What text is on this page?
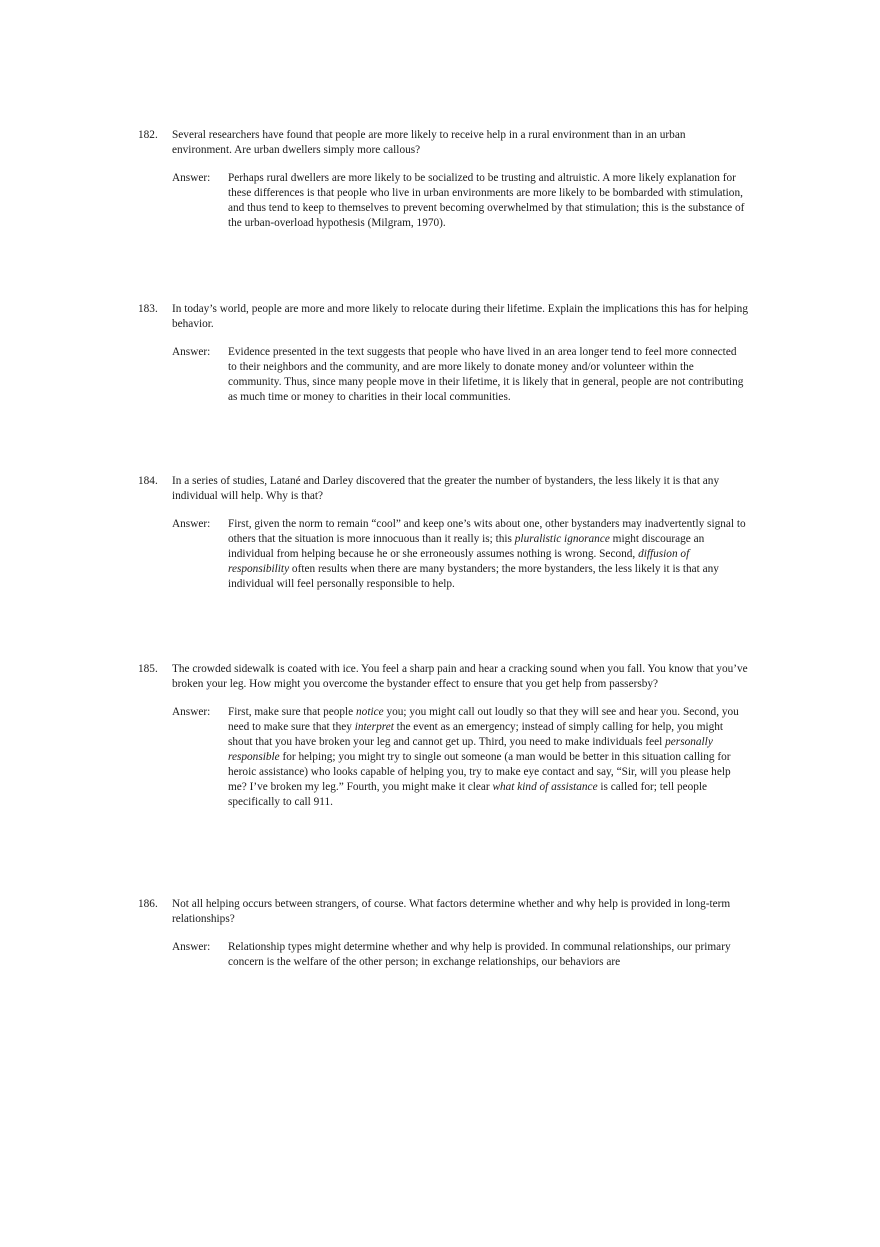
182.	Several researchers have found that people are more likely to receive help in a rural environment than in an urban environment. Are urban dwellers simply more callous?
Answer:	Perhaps rural dwellers are more likely to be socialized to be trusting and altruistic. A more likely explanation for these differences is that people who live in urban environments are more likely to be bombarded with stimulation, and thus tend to keep to themselves to prevent becoming overwhelmed by that stimulation; this is the substance of the urban-overload hypothesis (Milgram, 1970).
183.	In today’s world, people are more and more likely to relocate during their lifetime. Explain the implications this has for helping behavior.
Answer:	Evidence presented in the text suggests that people who have lived in an area longer tend to feel more connected to their neighbors and the community, and are more likely to donate money and/or volunteer within the community. Thus, since many people move in their lifetime, it is likely that in general, people are not contributing as much time or money to charities in their local communities.
184.	In a series of studies, Latané and Darley discovered that the greater the number of bystanders, the less likely it is that any individual will help. Why is that?
Answer:	First, given the norm to remain “cool” and keep one’s wits about one, other bystanders may inadvertently signal to others that the situation is more innocuous than it really is; this pluralistic ignorance might discourage an individual from helping because he or she erroneously assumes nothing is wrong. Second, diffusion of responsibility often results when there are many bystanders; the more bystanders, the less likely it is that any individual will feel personally responsible to help.
185.	The crowded sidewalk is coated with ice. You feel a sharp pain and hear a cracking sound when you fall. You know that you’ve broken your leg. How might you overcome the bystander effect to ensure that you get help from passersby?
Answer:	First, make sure that people notice you; you might call out loudly so that they will see and hear you. Second, you need to make sure that they interpret the event as an emergency; instead of simply calling for help, you might shout that you have broken your leg and cannot get up. Third, you need to make individuals feel personally responsible for helping; you might try to single out someone (a man would be better in this situation calling for heroic assistance) who looks capable of helping you, try to make eye contact and say, “Sir, will you please help me? I’ve broken my leg.” Fourth, you might make it clear what kind of assistance is called for; tell people specifically to call 911.
186.	Not all helping occurs between strangers, of course. What factors determine whether and why help is provided in long-term relationships?
Answer:	Relationship types might determine whether and why help is provided. In communal relationships, our primary concern is the welfare of the other person; in exchange relationships, our behaviors are
